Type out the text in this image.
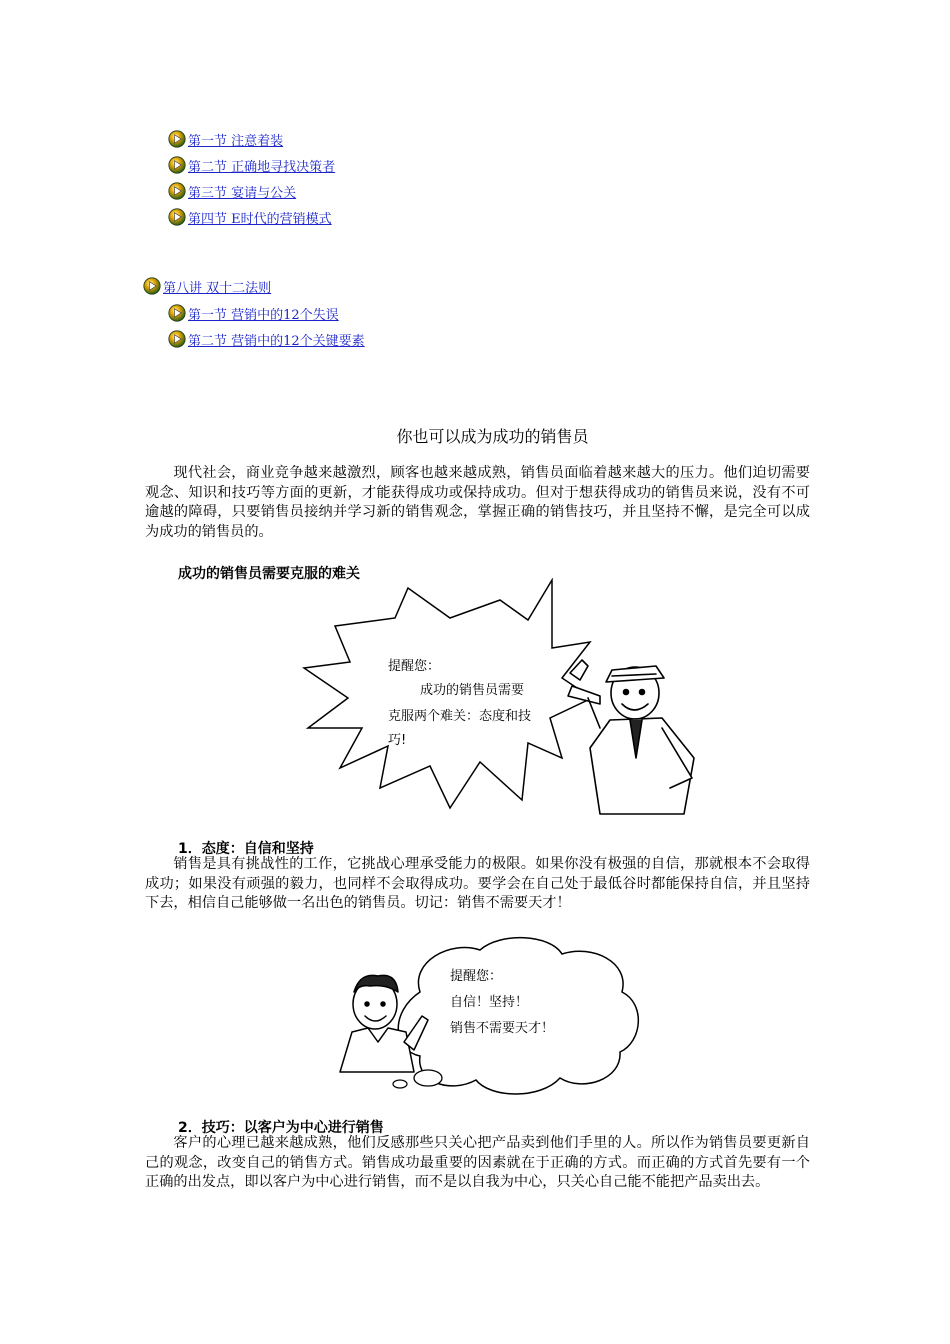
第一节 注意着装
第二节 正确地寻找决策者
第三节 宴请与公关
第四节 E时代的营销模式
第八讲 双十二法则
第一节 营销中的12个失误
第二节 营销中的12个关键要素
你也可以成为成功的销售员

现代社会，商业竞争越来越激烈，顾客也越来越成熟，销售员面临着越来越大的压力。他们迫切需要观念、知识和技巧等方面的更新，才能获得成功或保持成功。但对于想获得成功的销售员来说，没有不可逾越的障碍，只要销售员接纳并学习新的销售观念，掌握正确的销售技巧，并且坚持不懈，是完全可以成为成功的销售员的。

成功的销售员需要克服的难关
提醒您：
成功的销售员需要
克服两个难关：态度和技
巧!
1．态度：自信和坚持

销售是具有挑战性的工作，它挑战心理承受能力的极限。如果你没有极强的自信，那就根本不会取得成功；如果没有顽强的毅力，也同样不会取得成功。要学会在自己处于最低谷时都能保持自信，并且坚持下去，相信自己能够做一名出色的销售员。切记：销售不需要天才！

提醒您：
自信！坚持！
销售不需要天才！
2．技巧：以客户为中心进行销售

客户的心理已越来越成熟，他们反感那些只关心把产品卖到他们手里的人。所以作为销售员要更新自己的观念，改变自己的销售方式。销售成功最重要的因素就在于正确的方式。而正确的方式首先要有一个正确的出发点，即以客户为中心进行销售，而不是以自我为中心，只关心自己能不能把产品卖出去。
